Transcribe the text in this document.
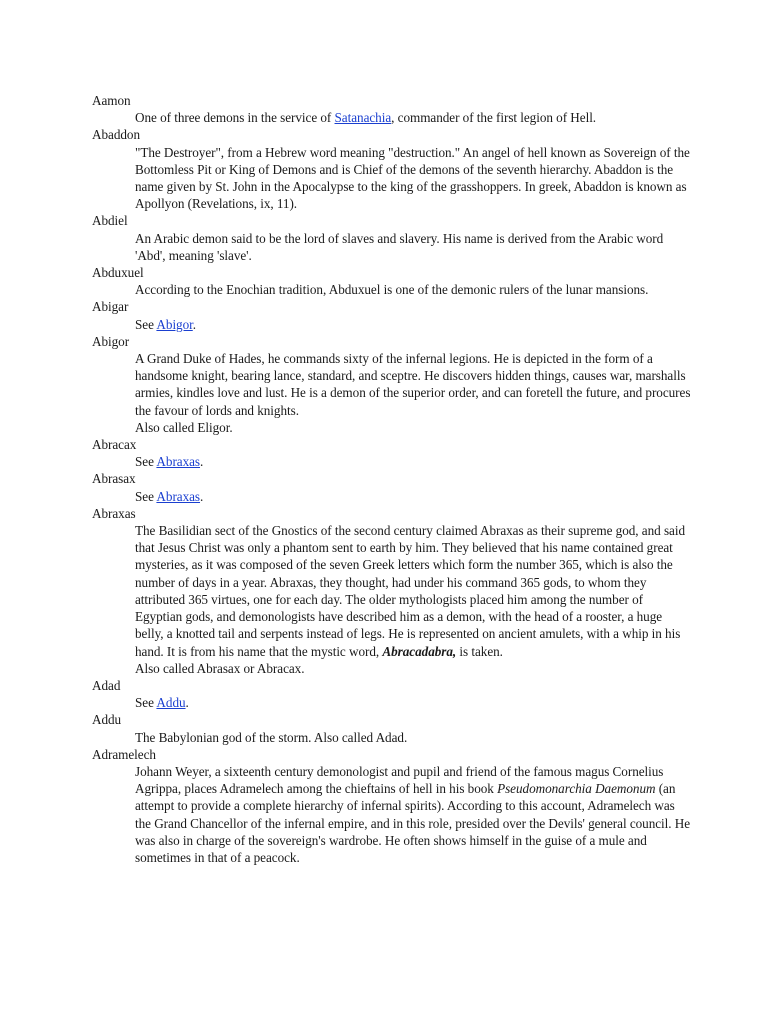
Aamon
One of three demons in the service of Satanachia, commander of the first legion of Hell.
Abaddon
"The Destroyer", from a Hebrew word meaning "destruction." An angel of hell known as Sovereign of the Bottomless Pit or King of Demons and is Chief of the demons of the seventh hierarchy. Abaddon is the name given by St. John in the Apocalypse to the king of the grasshoppers. In greek, Abaddon is known as Apollyon (Revelations, ix, 11).
Abdiel
An Arabic demon said to be the lord of slaves and slavery. His name is derived from the Arabic word 'Abd', meaning 'slave'.
Abduxuel
According to the Enochian tradition, Abduxuel is one of the demonic rulers of the lunar mansions.
Abigar
See Abigor.
Abigor

A Grand Duke of Hades, he commands sixty of the infernal legions. He is depicted in the form of a handsome knight, bearing lance, standard, and sceptre. He discovers hidden things, causes war, marshalls armies, kindles love and lust. He is a demon of the superior order, and can foretell the future, and procures the favour of lords and knights.

Also called Eligor.

Abracax
See Abraxas.
Abrasax
See Abraxas.
Abraxas

The Basilidian sect of the Gnostics of the second century claimed Abraxas as their supreme god, and said that Jesus Christ was only a phantom sent to earth by him. They believed that his name contained great mysteries, as it was composed of the seven Greek letters which form the number 365, which is also the number of days in a year. Abraxas, they thought, had under his command 365 gods, to whom they attributed 365 virtues, one for each day. The older mythologists placed him among the number of Egyptian gods, and demonologists have described him as a demon, with the head of a rooster, a huge belly, a knotted tail and serpents instead of legs. He is represented on ancient amulets, with a whip in his hand. It is from his name that the mystic word, Abracadabra, is taken.

Also called Abrasax or Abracax.

Adad
See Addu.
Addu
The Babylonian god of the storm. Also called Adad.
Adramelech
Johann Weyer, a sixteenth century demonologist and pupil and friend of the famous magus Cornelius Agrippa, places Adramelech among the chieftains of hell in his book Pseudomonarchia Daemonum (an attempt to provide a complete hierarchy of infernal spirits). According to this account, Adramelech was the Grand Chancellor of the infernal empire, and in this role, presided over the Devils' general council. He was also in charge of the sovereign's wardrobe. He often shows himself in the guise of a mule and sometimes in that of a peacock.
